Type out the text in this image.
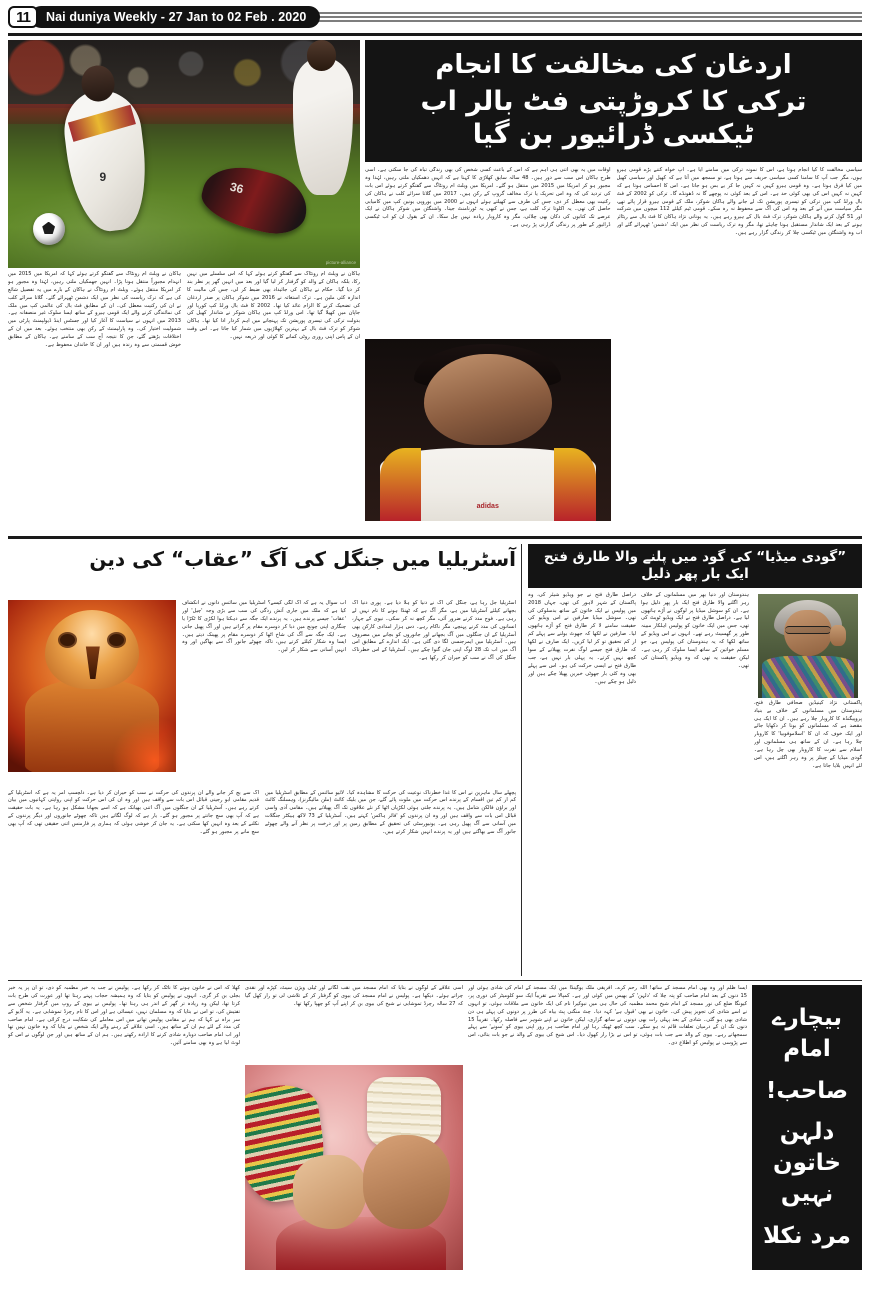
11	Nai duniya Weekly - 27 Jan to 02 Feb . 2020
9
36
picture-alliance
ہاکان نے ویلٹ ام زونٹاگ سے گفتگو کرتے ہوئے کہا کہ اس سلسلے میں نہیں رکا، بلکہ ہاکان کے والد کو گرفتار کر لیا گیا اور بعد میں انہیں گھر پر نظر بند کر دیا گیا۔ حکام نے ہاکان کی جائیداد بھی ضبط کر لی، جس کی مالیت کا اندازہ کئی ملین ہے۔ ترک استغاثہ نے 2016 میں شوکر ہاکان پر صدر اردغان کی تضحیک کرنے کا الزام عائد کیا تھا۔ 2002 کا فٹ بال ورلڈ کپ کوریا اور جاپان میں کھیلا گیا تھا۔ اس ورلڈ کپ میں ہاکان شوکر نے شاندار کھیل کی بدولت ترکی کی تیسری پوزیشن تک پہنچانے میں اہم کردار ادا کیا تھا۔ ہاکان شوکر کو ترک فٹ بال کے بہترین کھلاڑیوں میں شمار کیا جاتا ہے۔ اس وقت ان کے پاس اپنی روزی روٹی کمانے کا کوئی اور ذریعہ نہیں۔
ہاکان نے ویلٹ ام زونٹاگ سے گفتگو کرتے ہوئے کہا کہ امریکا میں 2015 میں انہدام مجبوراً منتقل ہونا پڑا۔ انہیں جھمکیاں ملتی رہیں، لہٰذا وہ مجبور ہو کر امریکا منتقل ہوئے۔ ویلٹ ام زونٹاگ نے ہاکان کے بارے میں یہ تفصیل شائع کی ہے کہ ترک ریاست کی نظر میں ایک دشمن ٹھہرائے گئے۔ گلاتا سرائے کلب نے ان کی رکنیت معطل کی۔ ان کے مطابق فٹ بال کی عالمی کپ میں ملک کی نمائندگی کرنے والے ایک قومی ہیرو کے ساتھ ایسا سلوک غیر منصفانہ ہے۔ 2013 میں انہوں نے سیاست کا آغاز کیا اور جسٹس اینڈ ڈیولپمنٹ پارٹی میں شمولیت اختیار کی۔ وہ پارلیمنٹ کے رکن بھی منتخب ہوئے۔ بعد میں ان کے اختلافات بڑھتے گئے، جن کا نتیجہ آج سب کے سامنے ہے۔ ہاکان کے مطابق خوش قسمتی سے وہ زندہ ہیں اور ان کا خاندان محفوظ ہے۔
اردغان کی مخالفت کا انجام
ترکی کا کروڑپتی فٹ بالر اب ٹیکسی ڈرائیور بن گیا
سیاسی مخالفت کا کیا انجام ہوتا ہے، اس کا نمونہ ترکی میں سامنے آیا ہے۔ آپ خواہ کتنے بڑے قومی ہیرو ہوں، مگر جب آپ کا سامنا کسی سیاسی حریف سے ہوتا ہے، تو سمجھ میں آتا ہے کہ کھیل اور سیاسی کھیل میں کیا فرق ہوتا ہے۔ وہ قومی ہیرو کہیں نہ کہیں جا کر بے بس ہو جاتا ہے۔ اس کا احساس ہوتا ہے کہ کہیں نہ کہیں اس کی بھی کوئی حد ہے۔ اس کے بعد کوئی نہ پوچھے گا نہ ڈھونڈے گا۔ ترکی کو 2002 کے فٹ بال ورلڈ کپ میں ترکی کو تیسری پوزیشن تک لے جانے والے ہاکان شوکر، ملک کے قومی ہیرو قرار پائے تھے، مگر سیاست میں آنے کے بعد وہ اس کی آگ سے محفوظ نہ رہ سکے۔ قومی ٹیم کیلئے 112 میچوں میں شرکت اور 51 گول کرنے والے ہاکان شوکر، ترک فٹ بال کے ہیرو رہے ہیں۔ یہ یونانی نژاد ہاکان کا فٹ بال سے ریٹائر ہونے کے بعد ایک شاندار مستقبل ہونا چاہئے تھا، مگر وہ ترک ریاست کی نظر میں ایک 'دشمن' ٹھہرائے گئے اور اب وہ واشنگٹن میں ٹیکسی چلا کر زندگی گزار رہے ہیں۔
اوقات میں یہ بھی اتنی ہی اہم ہے کہ اس کے باعث کسی شخص کی بھی زندگی تباہ کی جا سکتی ہے۔ اسی طرح ہاکان اس سب سے دور ہیں۔ 48 سالہ سابق کھلاڑی کا کہنا ہے کہ انہیں دھمکیاں ملتی رہیں، لہٰذا وہ مجبور ہو کر امریکا میں 2015 میں منتقل ہو گئے۔ امریکا میں ویلٹ ام زونٹاگ سے گفتگو کرتے ہوئے اس بات کی تردید کی کہ وہ اس تحریک یا ترک مخالف گروپ کے رکن ہیں۔ 2017 میں گلاتا سرائے کلب نے ہاکان کی رکنیت بھی معطل کر دی، جس کی طرف سے کھیلتے ہوئے انہوں نے 2000 میں یوروپی یونین کپ میں کامیابی حاصل کی تھی۔ یہ اکلوتا ترک کلب ہے، جس نے کبھی یہ ٹورنامنٹ جیتا۔ واشنگٹن میں شوکر ہاکان نے ایک عرصے تک کتابوں کی دکان بھی چلائی، مگر وہ کاروبار زیادہ نہیں چل سکا۔ ان کے بقول ان کو اب ٹیکسی ڈرائیور کے طور پر زندگی گزارنی پڑ رہی ہے۔
adidas
آسٹریلیا میں جنگل کی آگ ”عقاب“ کی دین
آسٹریلیا جل رہا ہے، جنگل کی آگ نے دنیا کو ہلا دیا ہے۔ پوری دنیا آگ بجھانے کیلئے آسٹریلیا میں ہے، مگر آگ ہے کہ ٹھنڈا ہونے کا نام نہیں لے رہی ہے۔ فوج مدد کرنے ضرور آئی، مگر کچھ نہ کر سکی۔ نیوی کے جہاز، انسانوں کی مدد کرنے پہنچے، مگر ناکام رہے۔ دس ہزار امدادی کارکن بھی آسٹریلیا کے ان جنگلوں میں آگ بجھانے اور جانوروں کو بچانے میں مصروف ہیں۔ آسٹریلیا میں ایمرجنسی لگا دی گئی ہے۔ ایک اندازے کے مطابق اس آگ میں اب تک 28 لوگ اپنی جان گنوا چکے ہیں۔ آسٹریلیا کے اس خطرناک جنگل کی آگ نے سب کو حیران کر رکھا ہے۔
اب سوال یہ ہے کہ آگ لگی کیسے؟ آسٹریلیا میں سائنس دانوں نے انکشاف کیا ہے کہ ملک میں جاری آتش زدگی کی سب سے بڑی وجہ 'چیل' اور 'عقاب' جیسے پرندے ہیں۔ یہ پرندے ایک جگہ سے دہکتا ہوا لکڑی کا ٹکڑا یا چنگاری اپنی چونچ میں دبا کر دوسرے مقام پر گراتے ہیں اور آگ پھیل جاتی ہے۔ ایک جگہ سے آگ کی شاخ اٹھا کر دوسرے مقام پر پھینک دیتے ہیں۔ ایسا وہ شکار کیلئے کرتے ہیں، تاکہ چھوٹے جانور آگ سے بھاگیں اور وہ انہیں آسانی سے شکار کر لیں۔
پچھلے سال ماہرین نے اس کا غذا خطرناک نوعیت کی حرکت کا مشاہدہ کیا۔ لائیو سائنس کے مطابق آسٹریلیا میں کم از کم تین اقسام کے پرندے اس حرکت میں ملوث پائے گئے، جن میں بلیک کائٹ (ملن مائیگرنز)، وہسلنگ کائٹ اور براؤن فالکن شامل ہیں۔ یہ پرندے جلتی ہوئی لکڑیاں اٹھا کر نئے علاقوں تک آگ پھیلاتے ہیں۔ مقامی آدی واسی قبائل اس بات سے واقف ہیں اور وہ ان پرندوں کو 'فائر ہاکس' کہتے ہیں۔ آسٹریلیا کے 73 لاکھ ہیکٹر جنگلات میں آسانی سے آگ پھیل رہی ہے۔ یونیورسٹی کی تحقیق کے مطابق زمین پر اور درخت پر نظر آنے والے چھوٹے جانور آگ سے بھاگتے ہیں اور یہ پرندے انہیں شکار کرتے ہیں۔
آگ سے بچ کر جانے والے ان پرندوں کی حرکت نے سب کو حیران کر دیا ہے۔ دلچسپ امر یہ ہے کہ آسٹریلیا کے قدیم مقامی ابو رجینی قبائل اس بات سے واقف ہیں اور وہ ان کی اس حرکت کو اپنی روایتی کہانیوں میں بیان کرتے رہے ہیں۔ آسٹریلیا کے ان جنگلوں میں آگ اتنی بھیانک ہے کہ اسے بجھانا مشکل ہو رہا ہے۔ یہ بات حقیقت ہے کہ آپ بھی سچ جانتے پر مجبور ہو گئے۔ یار ہے کہ لوگ لگاتے ہیں تاکہ چھوٹے جانوروں اور دیگر پرندوں کے نکلنے کے بعد وہ انہیں کھا سکتی ہے۔ یہ جان کر خوشی ہوئی کہ ہماری پر فارمنس اتنی حقیقی تھی کہ آپ بھی سچ مانے پر مجبور ہو گئے۔
”گودی میڈیا“ کی گود میں پلنے والا طارق فتح ایک بار پھر ذلیل
پاکستانی نژاد کینیڈین صحافی طارق فتح، ہندوستان میں مسلمانوں کے خلاف بے بنیاد پروپیگنڈہ کا کاروبار چلا رہے ہیں۔ ان کا ایک ہی مقصد ہے کہ مسلمانوں کو بونا کر دکھایا جائے اور ایک خوف کہ ان کا 'اسلاموفوبیا' کا کاروبار چلا رہا ہے۔ ان کے ساتھ ہی مسلمانوں اور اسلام سے نفرت کا کاروبار بھی چل رہا ہے۔ گودی میڈیا کے چینلز پر وہ زہر اگلتے ہیں، اس لئے انہیں بلایا جاتا ہے۔
ہندوستان اور دنیا بھر میں مسلمانوں کے خلاف زہر اگلنے والا طارق فتح ایک بار پھر ذلیل ہوا ہے۔ ان کو سوشل میڈیا پر لوگوں نے آڑے ہاتھوں لیا ہے۔ دراصل طارق فتح نے ایک ویڈیو ٹویٹ کی تھی، جس میں ایک خاتون کو پولیس اہلکار مبینہ طور پر گھسیٹ رہے تھے۔ انہوں نے اس ویڈیو کے ساتھ لکھا کہ یہ ہندوستان کی پولیس ہے، جو مسلم خواتین کے ساتھ ایسا سلوک کر رہی ہے۔ لیکن حقیقت یہ تھی کہ وہ ویڈیو پاکستان کی تھی۔
دراصل طارق فتح نے جو ویڈیو شیئر کی، وہ پاکستان کے شہر لاہور کی تھی، جہاں 2018 میں پولیس نے ایک خاتون کے ساتھ بدسلوکی کی تھی۔ سوشل میڈیا صارفین نے اس ویڈیو کی حقیقت سامنے لا کر طارق فتح کو آڑے ہاتھوں لیا۔ صارفین نے لکھا کہ جھوٹ بولنے سے پہلے کم از کم تحقیق تو کر لیا کریں۔ ایک صارف نے لکھا کہ طارق فتح جیسے لوگ نفرت پھیلانے کے سوا کچھ نہیں کرتے۔ یہ پہلی بار نہیں ہے، جب طارق فتح نے ایسی حرکت کی ہو۔ اس سے پہلے بھی وہ کئی بار جھوٹی خبریں پھیلا چکے ہیں اور ذلیل ہو چکے ہیں۔
کھلا کہ اس نے خاتون ہونے کا ناٹک کر رکھا ہے۔ پولیس نے جب یہ خبر مطمبہ کو دی، تو ان پر یہ خبر بجلی بن کر گری۔ انہوں نے پولیس کو بتایا کہ وہ ہمیشہ حجاب پہنے رہتا تھا اور عورت کی طرح بات کرتا تھا، لیکن وہ زیادہ تر گھر کے اندر ہی رہتا تھا۔ پولیس نے بیوی کے روپ میں گرفتار شخص سے تفتیش کی، تو اس نے بتایا کہ وہ مسلمان نہیں، عیسائی ہے اور اس کا نام رچرڈ تموشابی ہے۔ یہ آڈیو کے سر براہ نے کہا کہ ہم نے مقامی پولیس تھانے میں اس معاملے کی شکایت درج کرائی ہے۔ امام صاحب کی مدد کے لئے ہم ان کے ساتھ ہیں۔ اسی علاقے کے رہنے والے ایک شخص نے بتایا کہ وہ خاتون نہیں تھا اور اب امام صاحب دوبارہ شادی کرنے کا ارادہ رکھتے ہیں۔ ہم ان کے ساتھ ہیں اور جن لوگوں نے اس کو لوٹ لیا ہے وہ بھی سامنے آئیں۔
اسی علاقے کے لوگوں نے بتایا کہ امام مسجد میں نقب لگاتے اور ٹیلی ویژن سیٹ، کپڑے اور نقدی چراتے ہوئے۔ دیکھا ہے۔ پولیس نے امام مسجد کی بیوی کو گرفتار کر کے تلاشی لی تو راز کھل گیا کہ 27 سالہ رچرڈ تموشابی نے شیخ کی بیوی بن کر اپنے آپ کو چھپا رکھا تھا۔
ایسا ظلم اور وہ بھی امام مسجد کے ساتھ! اللہ رحم کرے۔ افریقی ملک یوگینڈا میں ایک مسجد کے امام کی شادی ہوئی اور 15 دنوں کے بعد امام صاحب کو پتہ چلا کہ 'دلہن' کے بھیس میں کوئی اور ہے۔ کمپالا سے تقریباً ایک سو کلومیٹر کی دوری پر، کیونگا ضلع کی نور مسجد کے امام شیخ محمد مطمبہ کی حال ہی میں نبوکیرا نام کی ایک خاتون سے ملاقات ہوئی، تو انہوں نے اسے شادی کی تجویز پیش کی۔ خاتون نے بھی 'قبول ہے' کہہ دیا۔ چٹ منگنی پٹ بیاہ کی طرز پر دونوں کی پہلے ہی دن شادی بھی ہو گئی۔ شادی کے بعد پہلی رات بھی دونوں نے ساتھ گزاری، لیکن خاتون نے اپنے شوہر سے فاصلہ رکھا۔ تقریباً 15 دنوں تک ان کے درمیان تعلقات قائم نہ ہو سکے۔ سب کچھ ٹھیک رہا اور امام صاحب ہر روز اپنی بیوی کو 'سونے' سے پہلے سمجھاتے رہے۔ بیوی کے والد سے جب بات ہوئی، تو اس نے بڑا راز کھول دیا۔ اس شیخ کی بیوی کے والد نے جو بات بتائی، اس سے پڑوسی نے پولیس کو اطلاع دی۔
بیچارے امام
صاحب!
دلہن خاتون نہیں
مرد نکلا
